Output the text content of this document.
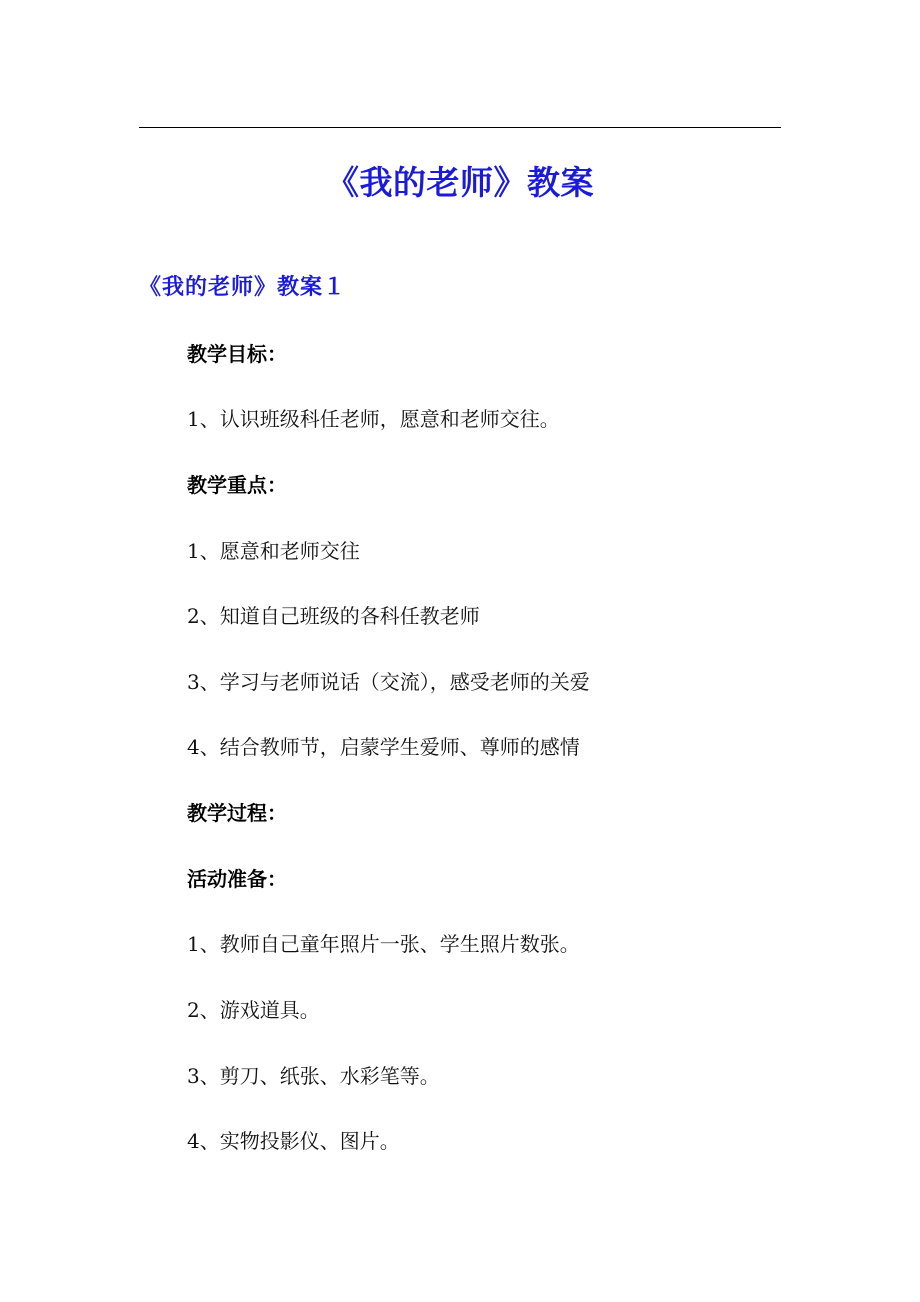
《我的老师》教案
《我的老师》教案１
教学目标：
1、认识班级科任老师，愿意和老师交往。
教学重点：
1、愿意和老师交往
2、知道自己班级的各科任教老师
3、学习与老师说话（交流），感受老师的关爱
4、结合教师节，启蒙学生爱师、尊师的感情
教学过程：
活动准备：
1、教师自己童年照片一张、学生照片数张。
2、游戏道具。
3、剪刀、纸张、水彩笔等。
4、实物投影仪、图片。
